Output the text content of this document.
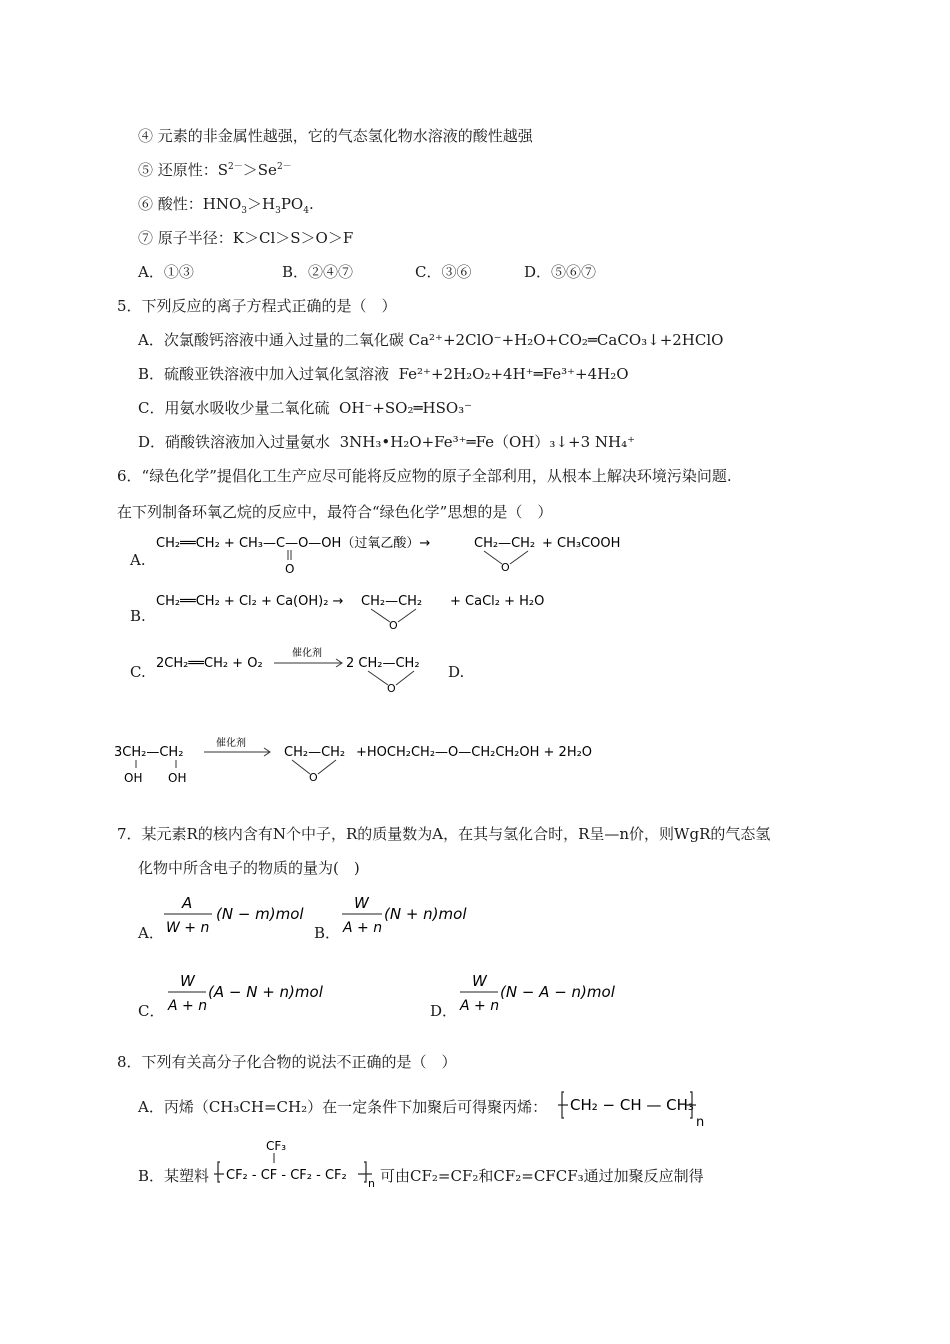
④ 元素的非金属性越强，它的气态氢化物水溶液的酸性越强
⑤ 还原性：$S^{2-}>Se^{2-}$
⑥ 酸性：$HNO_3>H_3PO_4$.
⑦ 原子半径：K＞Cl＞S＞O＞F
A．①③	B．②④⑦	C．③⑥	D．⑤⑥⑦
5．下列反应的离子方程式正确的是（　）
A．次氯酸钙溶液中通入过量的二氧化碳 Ca²⁺+2ClO⁻+H₂O+CO₂═CaCO₃↓+2HClO
B．硫酸亚铁溶液中加入过氧化氢溶液 Fe²⁺+2H₂O₂+4H⁺═Fe³⁺+4H₂O
C．用氨水吸收少量二氧化硫 OH⁻+SO₂═HSO₃⁻
D．硝酸铁溶液加入过量氨水 3NH₃•H₂O+Fe³⁺═Fe（OH）₃↓+3 NH₄⁺
6．“绿色化学”提倡化工生产应尽可能将反应物的原子全部利用，从根本上解决环境污染问题.
在下列制备环氧乙烷的反应中，最符合“绿色化学”思想的是（　）
A.
CH₂══CH₂ + CH₃—C—O—OH（过氧乙酸）→
O
CH₂—CH₂
O
+ CH₃COOH
B.
CH₂══CH₂ + Cl₂ + Ca(OH)₂ → CH₂—CH₂
O
+ CaCl₂ + H₂O
C. 2CH₂══CH₂ + O₂
催化剂
2 CH₂—CH₂
O
D.
3CH₂—CH₂
OH OH
催化剂
CH₂—CH₂
O
+HOCH₂CH₂—O—CH₂CH₂OH + 2H₂O
7．某元素R的核内含有N个中子，R的质量数为A，在其与氢化合时，R呈—n价，则WgR的气态氢
化物中所含电子的物质的量为(　)
A．
A
W + n
(N − m)mol
B．
W
A + n
(N + n)mol
C．
W
A + n
(A − N + n)mol
D．
W
A + n
(N − A − n)mol
8．下列有关高分子化合物的说法不正确的是（　）
A．丙烯（CH₃CH=CH₂）在一定条件下加聚后可得聚丙烯： CH₂ − CH — CH₃
n
B．某塑料
CF₃
CF₂ - CF - CF₂ - CF₂
n 可由CF₂=CF₂和CF₂=CFCF₃通过加聚反应制得
